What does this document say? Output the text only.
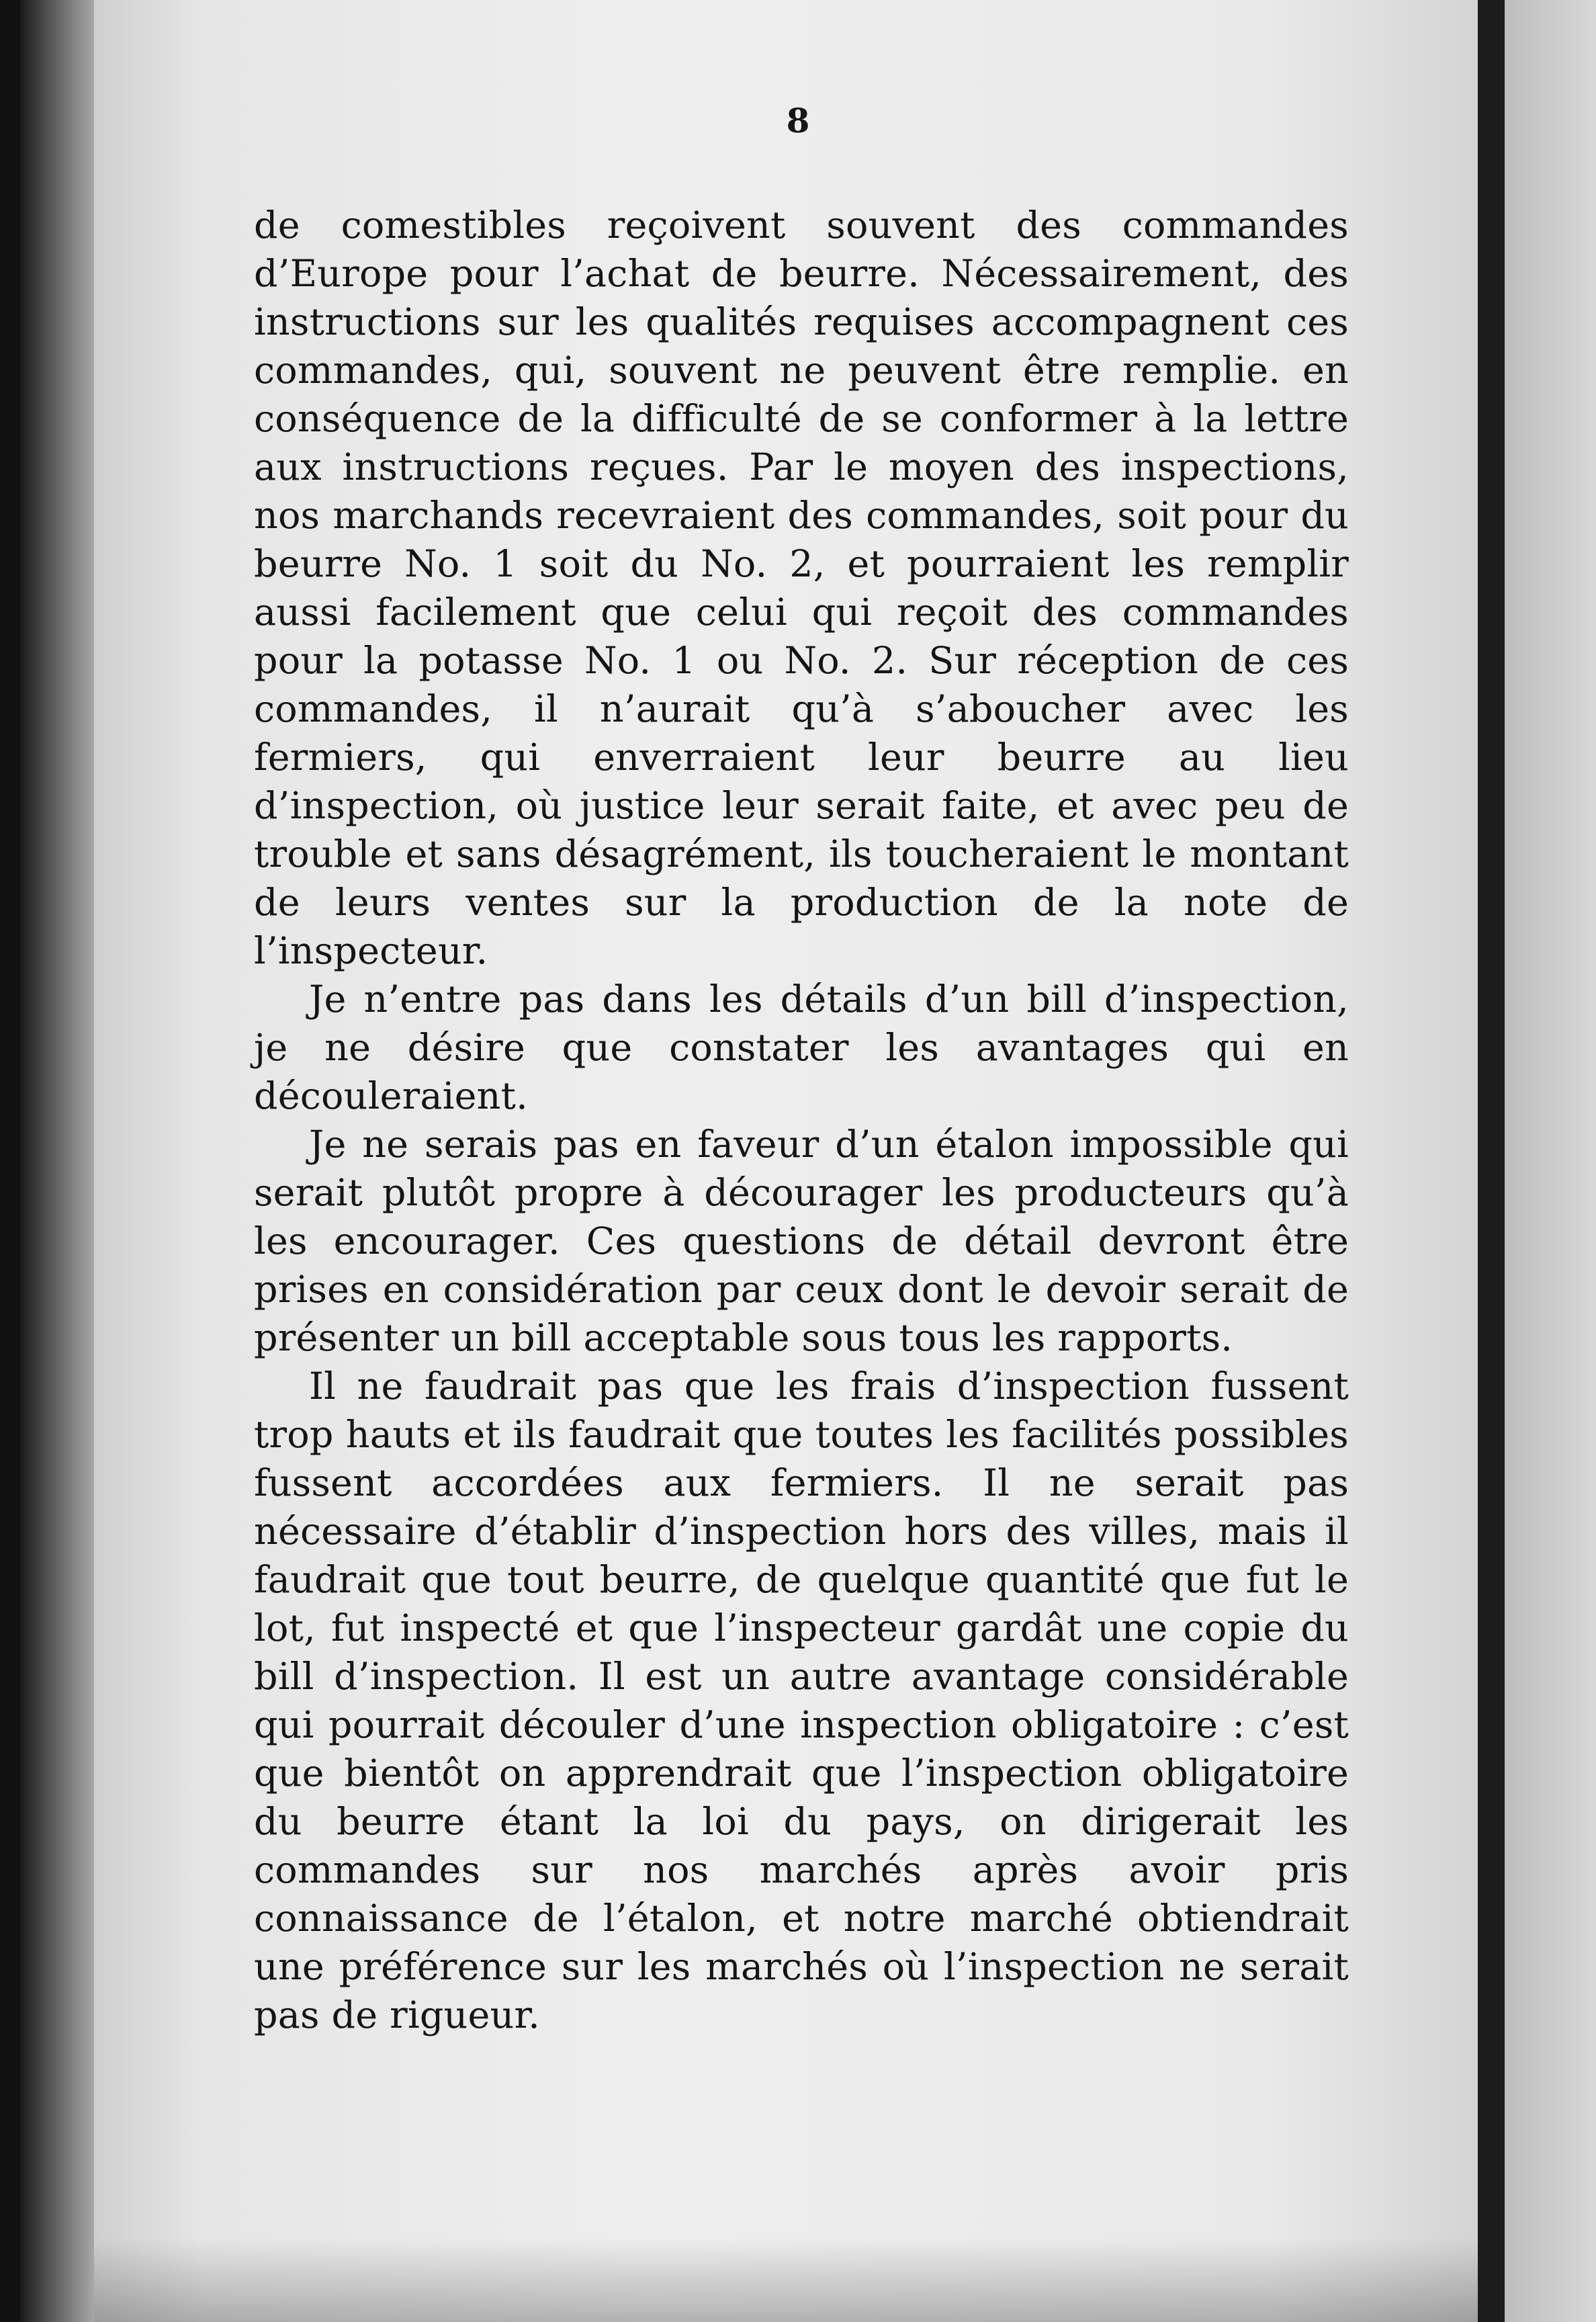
8

de comestibles reçoivent souvent des commandes d’Europe pour l’achat de beurre. Nécessairement, des instructions sur les qualités requises accompagnent ces commandes, qui, souvent ne peuvent être remplie. en conséquence de la difficulté de se conformer à la lettre aux instructions reçues. Par le moyen des inspections, nos marchands recevraient des commandes, soit pour du beurre No. 1 soit du No. 2, et pourraient les remplir aussi facilement que celui qui reçoit des commandes pour la potasse No. 1 ou No. 2. Sur réception de ces commandes, il n’aurait qu’à s’aboucher avec les fermiers, qui enverraient leur beurre au lieu d’inspection, où justice leur serait faite, et avec peu de trouble et sans désagrément, ils toucheraient le montant de leurs ventes sur la production de la note de l’inspecteur.

Je n’entre pas dans les détails d’un bill d’inspection, je ne désire que constater les avantages qui en découleraient.

Je ne serais pas en faveur d’un étalon impossible qui serait plutôt propre à décourager les producteurs qu’à les encourager. Ces questions de détail devront être prises en considération par ceux dont le devoir serait de présenter un bill acceptable sous tous les rapports.

Il ne faudrait pas que les frais d’inspection fussent trop hauts et ils faudrait que toutes les facilités possibles fussent accordées aux fermiers. Il ne serait pas nécessaire d’établir d’inspection hors des villes, mais il faudrait que tout beurre, de quelque quantité que fut le lot, fut inspecté et que l’inspecteur gardât une copie du bill d’inspection. Il est un autre avantage considérable qui pourrait découler d’une inspection obligatoire : c’est que bientôt on apprendrait que l’inspection obligatoire du beurre étant la loi du pays, on dirigerait les commandes sur nos marchés après avoir pris connaissance de l’étalon, et notre marché obtiendrait une préférence sur les marchés où l’inspection ne serait pas de rigueur.
